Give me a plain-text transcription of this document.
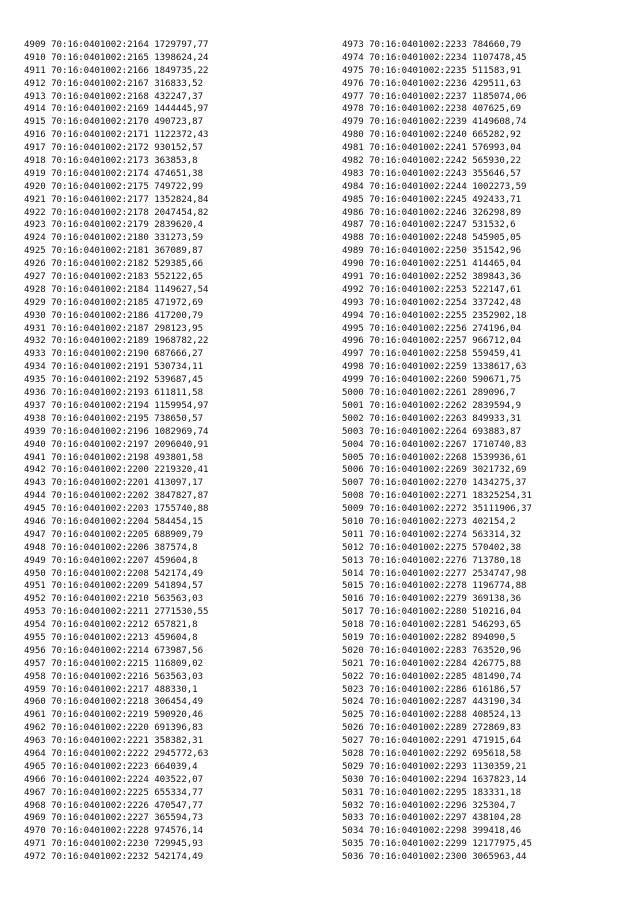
4909 70:16:0401002:2164 1729797,77
4910 70:16:0401002:2165 1398624,24
4911 70:16:0401002:2166 1849735,22
4912 70:16:0401002:2167 316833,52
4913 70:16:0401002:2168 432247,37
4914 70:16:0401002:2169 1444445,97
4915 70:16:0401002:2170 490723,87
4916 70:16:0401002:2171 1122372,43
4917 70:16:0401002:2172 930152,57
4918 70:16:0401002:2173 363853,8
4919 70:16:0401002:2174 474651,38
4920 70:16:0401002:2175 749722,99
4921 70:16:0401002:2177 1352824,84
4922 70:16:0401002:2178 2047454,82
4923 70:16:0401002:2179 2839620,4
4924 70:16:0401002:2180 331273,59
4925 70:16:0401002:2181 367089,87
4926 70:16:0401002:2182 529385,66
4927 70:16:0401002:2183 552122,65
4928 70:16:0401002:2184 1149627,54
4929 70:16:0401002:2185 471972,69
4930 70:16:0401002:2186 417200,79
4931 70:16:0401002:2187 298123,95
4932 70:16:0401002:2189 1968782,22
4933 70:16:0401002:2190 687666,27
4934 70:16:0401002:2191 530734,11
4935 70:16:0401002:2192 539687,45
4936 70:16:0401002:2193 611811,58
4937 70:16:0401002:2194 1159954,97
4938 70:16:0401002:2195 738650,57
4939 70:16:0401002:2196 1082969,74
4940 70:16:0401002:2197 2096040,91
4941 70:16:0401002:2198 493801,58
4942 70:16:0401002:2200 2219320,41
4943 70:16:0401002:2201 413097,17
4944 70:16:0401002:2202 3847827,87
4945 70:16:0401002:2203 1755740,88
4946 70:16:0401002:2204 584454,15
4947 70:16:0401002:2205 688909,79
4948 70:16:0401002:2206 387574,8
4949 70:16:0401002:2207 459604,8
4950 70:16:0401002:2208 542174,49
4951 70:16:0401002:2209 541894,57
4952 70:16:0401002:2210 563563,03
4953 70:16:0401002:2211 2771530,55
4954 70:16:0401002:2212 657821,8
4955 70:16:0401002:2213 459604,8
4956 70:16:0401002:2214 673987,56
4957 70:16:0401002:2215 116809,02
4958 70:16:0401002:2216 563563,03
4959 70:16:0401002:2217 488330,1
4960 70:16:0401002:2218 306454,49
4961 70:16:0401002:2219 590920,46
4962 70:16:0401002:2220 691396,83
4963 70:16:0401002:2221 358382,31
4964 70:16:0401002:2222 2945772,63
4965 70:16:0401002:2223 664039,4
4966 70:16:0401002:2224 403522,07
4967 70:16:0401002:2225 655334,77
4968 70:16:0401002:2226 470547,77
4969 70:16:0401002:2227 365594,73
4970 70:16:0401002:2228 974576,14
4971 70:16:0401002:2230 729945,93
4972 70:16:0401002:2232 542174,49
4973 70:16:0401002:2233 784660,79
4974 70:16:0401002:2234 1107478,45
4975 70:16:0401002:2235 511583,91
4976 70:16:0401002:2236 429511,63
4977 70:16:0401002:2237 1185074,06
4978 70:16:0401002:2238 407625,69
4979 70:16:0401002:2239 4149608,74
4980 70:16:0401002:2240 665282,92
4981 70:16:0401002:2241 576993,04
4982 70:16:0401002:2242 565930,22
4983 70:16:0401002:2243 355646,57
4984 70:16:0401002:2244 1002273,59
4985 70:16:0401002:2245 492433,71
4986 70:16:0401002:2246 326298,89
4987 70:16:0401002:2247 531532,6
4988 70:16:0401002:2248 545905,05
4989 70:16:0401002:2250 351542,96
4990 70:16:0401002:2251 414465,04
4991 70:16:0401002:2252 389843,36
4992 70:16:0401002:2253 522147,61
4993 70:16:0401002:2254 337242,48
4994 70:16:0401002:2255 2352902,18
4995 70:16:0401002:2256 274196,04
4996 70:16:0401002:2257 966712,04
4997 70:16:0401002:2258 559459,41
4998 70:16:0401002:2259 1338617,63
4999 70:16:0401002:2260 590671,75
5000 70:16:0401002:2261 289096,7
5001 70:16:0401002:2262 2839594,9
5002 70:16:0401002:2263 849933,31
5003 70:16:0401002:2264 693883,87
5004 70:16:0401002:2267 1710740,83
5005 70:16:0401002:2268 1539936,61
5006 70:16:0401002:2269 3021732,69
5007 70:16:0401002:2270 1434275,37
5008 70:16:0401002:2271 18325254,31
5009 70:16:0401002:2272 35111906,37
5010 70:16:0401002:2273 402154,2
5011 70:16:0401002:2274 563314,32
5012 70:16:0401002:2275 570402,38
5013 70:16:0401002:2276 713780,18
5014 70:16:0401002:2277 2534747,98
5015 70:16:0401002:2278 1196774,88
5016 70:16:0401002:2279 369138,36
5017 70:16:0401002:2280 510216,04
5018 70:16:0401002:2281 546293,65
5019 70:16:0401002:2282 894090,5
5020 70:16:0401002:2283 763520,96
5021 70:16:0401002:2284 426775,88
5022 70:16:0401002:2285 481490,74
5023 70:16:0401002:2286 616186,57
5024 70:16:0401002:2287 443190,34
5025 70:16:0401002:2288 408524,13
5026 70:16:0401002:2289 272869,83
5027 70:16:0401002:2291 471915,64
5028 70:16:0401002:2292 695618,58
5029 70:16:0401002:2293 1130359,21
5030 70:16:0401002:2294 1637823,14
5031 70:16:0401002:2295 183331,18
5032 70:16:0401002:2296 325304,7
5033 70:16:0401002:2297 438104,28
5034 70:16:0401002:2298 399418,46
5035 70:16:0401002:2299 12177975,45
5036 70:16:0401002:2300 3065963,44
